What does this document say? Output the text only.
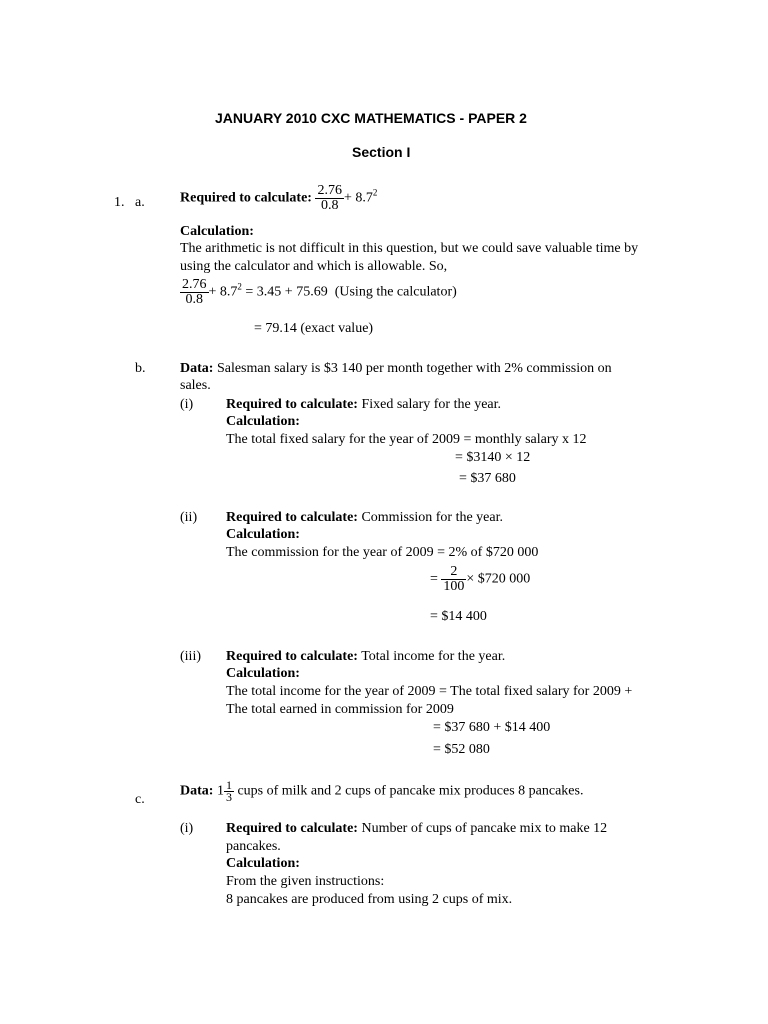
JANUARY 2010 CXC MATHEMATICS - PAPER 2
Section I
1. a.	Required to calculate: $\frac{2.76}{0.8} + 8.7^2$
Calculation:
The arithmetic is not difficult in this question, but we could save valuable time by
using the calculator and which is allowable. So,
$\frac{2.76}{0.8} + 8.7^2 = 3.45 + 75.69$ (Using the calculator)
= 79.14 (exact value)
b. Data: Salesman salary is $3 140 per month together with 2% commission on
sales.
(i) Required to calculate: Fixed salary for the year.
Calculation:
The total fixed salary for the year of 2009 = monthly salary x 12
= $3140 × 12
= $37 680
(ii) Required to calculate: Commission for the year.
Calculation:
The commission for the year of 2009 = 2% of $720 000
= $\frac{2}{100}$ × $720 000
= $14 400
(iii) Required to calculate: Total income for the year.
Calculation:
The total income for the year of 2009 = The total fixed salary for 2009 +
The total earned in commission for 2009
= $37 680 + $14 400
= $52 080
c.
Data: $1 \frac{1}{3}$ cups of milk and 2 cups of pancake mix produces 8 pancakes.
(i) Required to calculate: Number of cups of pancake mix to make 12
pancakes.
Calculation:
From the given instructions:
8 pancakes are produced from using 2 cups of mix.
